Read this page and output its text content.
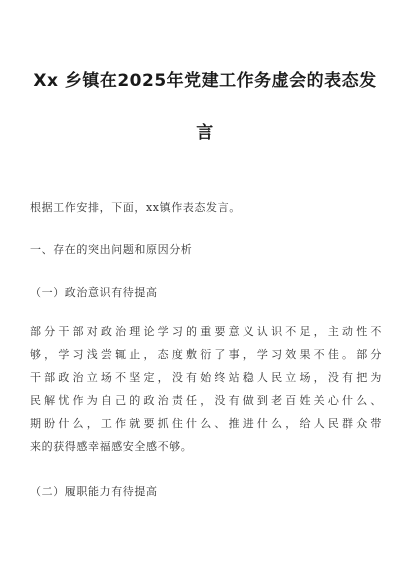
Xx 乡镇在2025年党建工作务虚会的表态发
言
根据工作安排，下面，xx镇作表态发言。
一、存在的突出问题和原因分析
（一）政治意识有待提高
部分干部对政治理论学习的重要意义认识不足，主动性不
够，学习浅尝辄止，态度敷衍了事，学习效果不佳。部分
干部政治立场不坚定，没有始终站稳人民立场，没有把为
民解忧作为自己的政治责任，没有做到老百姓关心什么、
期盼什么，工作就要抓住什么、推进什么，给人民群众带
来的获得感幸福感安全感不够。
（二）履职能力有待提高
